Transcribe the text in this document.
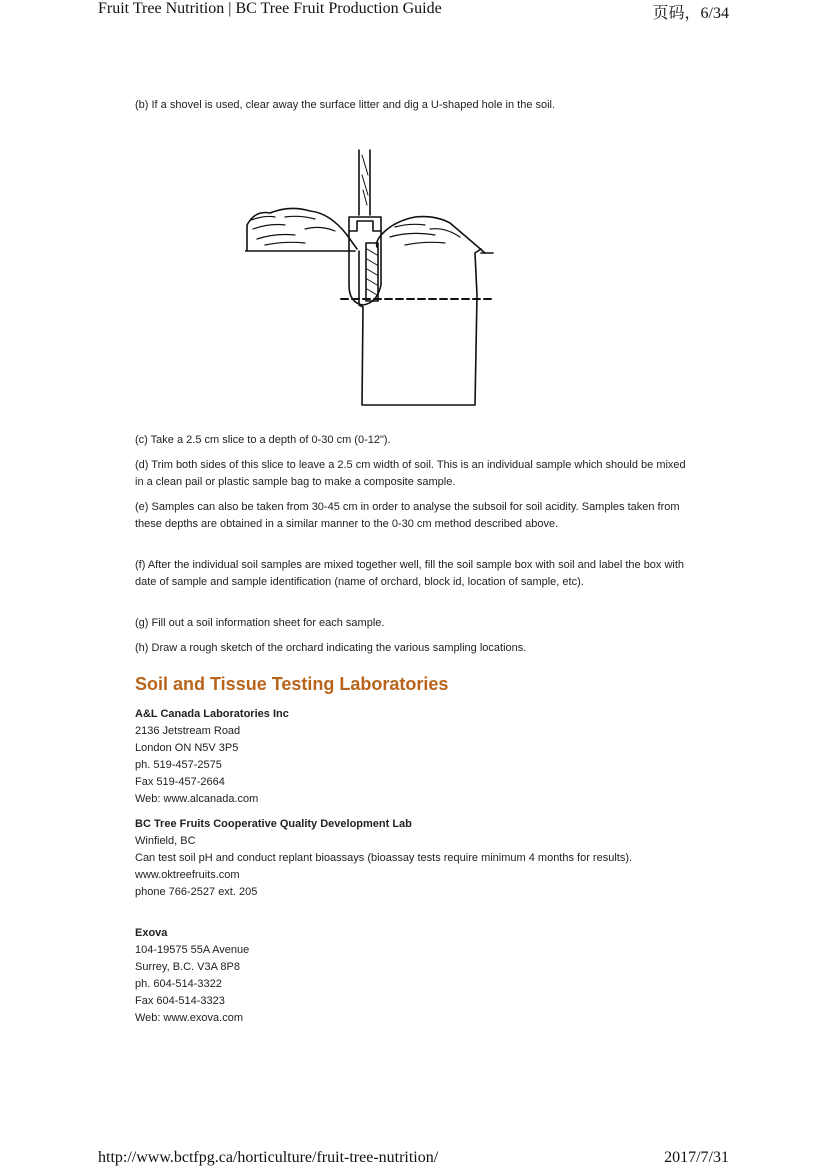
Fruit Tree Nutrition | BC Tree Fruit Production Guide	页码，6/34
(b) If a shovel is used, clear away the surface litter and dig a U-shaped hole in the soil.
(c) Take a 2.5 cm slice to a depth of 0-30 cm (0-12").
(d) Trim both sides of this slice to leave a 2.5 cm width of soil. This is an individual sample which should be mixed in a clean pail or plastic sample bag to make a composite sample.
(e) Samples can also be taken from 30-45 cm in order to analyse the subsoil for soil acidity. Samples taken from these depths are obtained in a similar manner to the 0-30 cm method described above.
(f) After the individual soil samples are mixed together well, fill the soil sample box with soil and label the box with date of sample and sample identification (name of orchard, block id, location of sample, etc).
(g) Fill out a soil information sheet for each sample.
(h) Draw a rough sketch of the orchard indicating the various sampling locations.
Soil and Tissue Testing Laboratories
A&L Canada Laboratories Inc
2136 Jetstream Road
London ON N5V 3P5
ph. 519-457-2575
Fax 519-457-2664
Web: www.alcanada.com
BC Tree Fruits Cooperative Quality Development Lab
Winfield, BC
Can test soil pH and conduct replant bioassays (bioassay tests require minimum 4 months for results).
www.oktreefruits.com
phone 766-2527 ext. 205
Exova
104-19575 55A Avenue
Surrey, B.C. V3A 8P8
ph. 604-514-3322
Fax 604-514-3323
Web: www.exova.com
http://www.bctfpg.ca/horticulture/fruit-tree-nutrition/	2017/7/31
